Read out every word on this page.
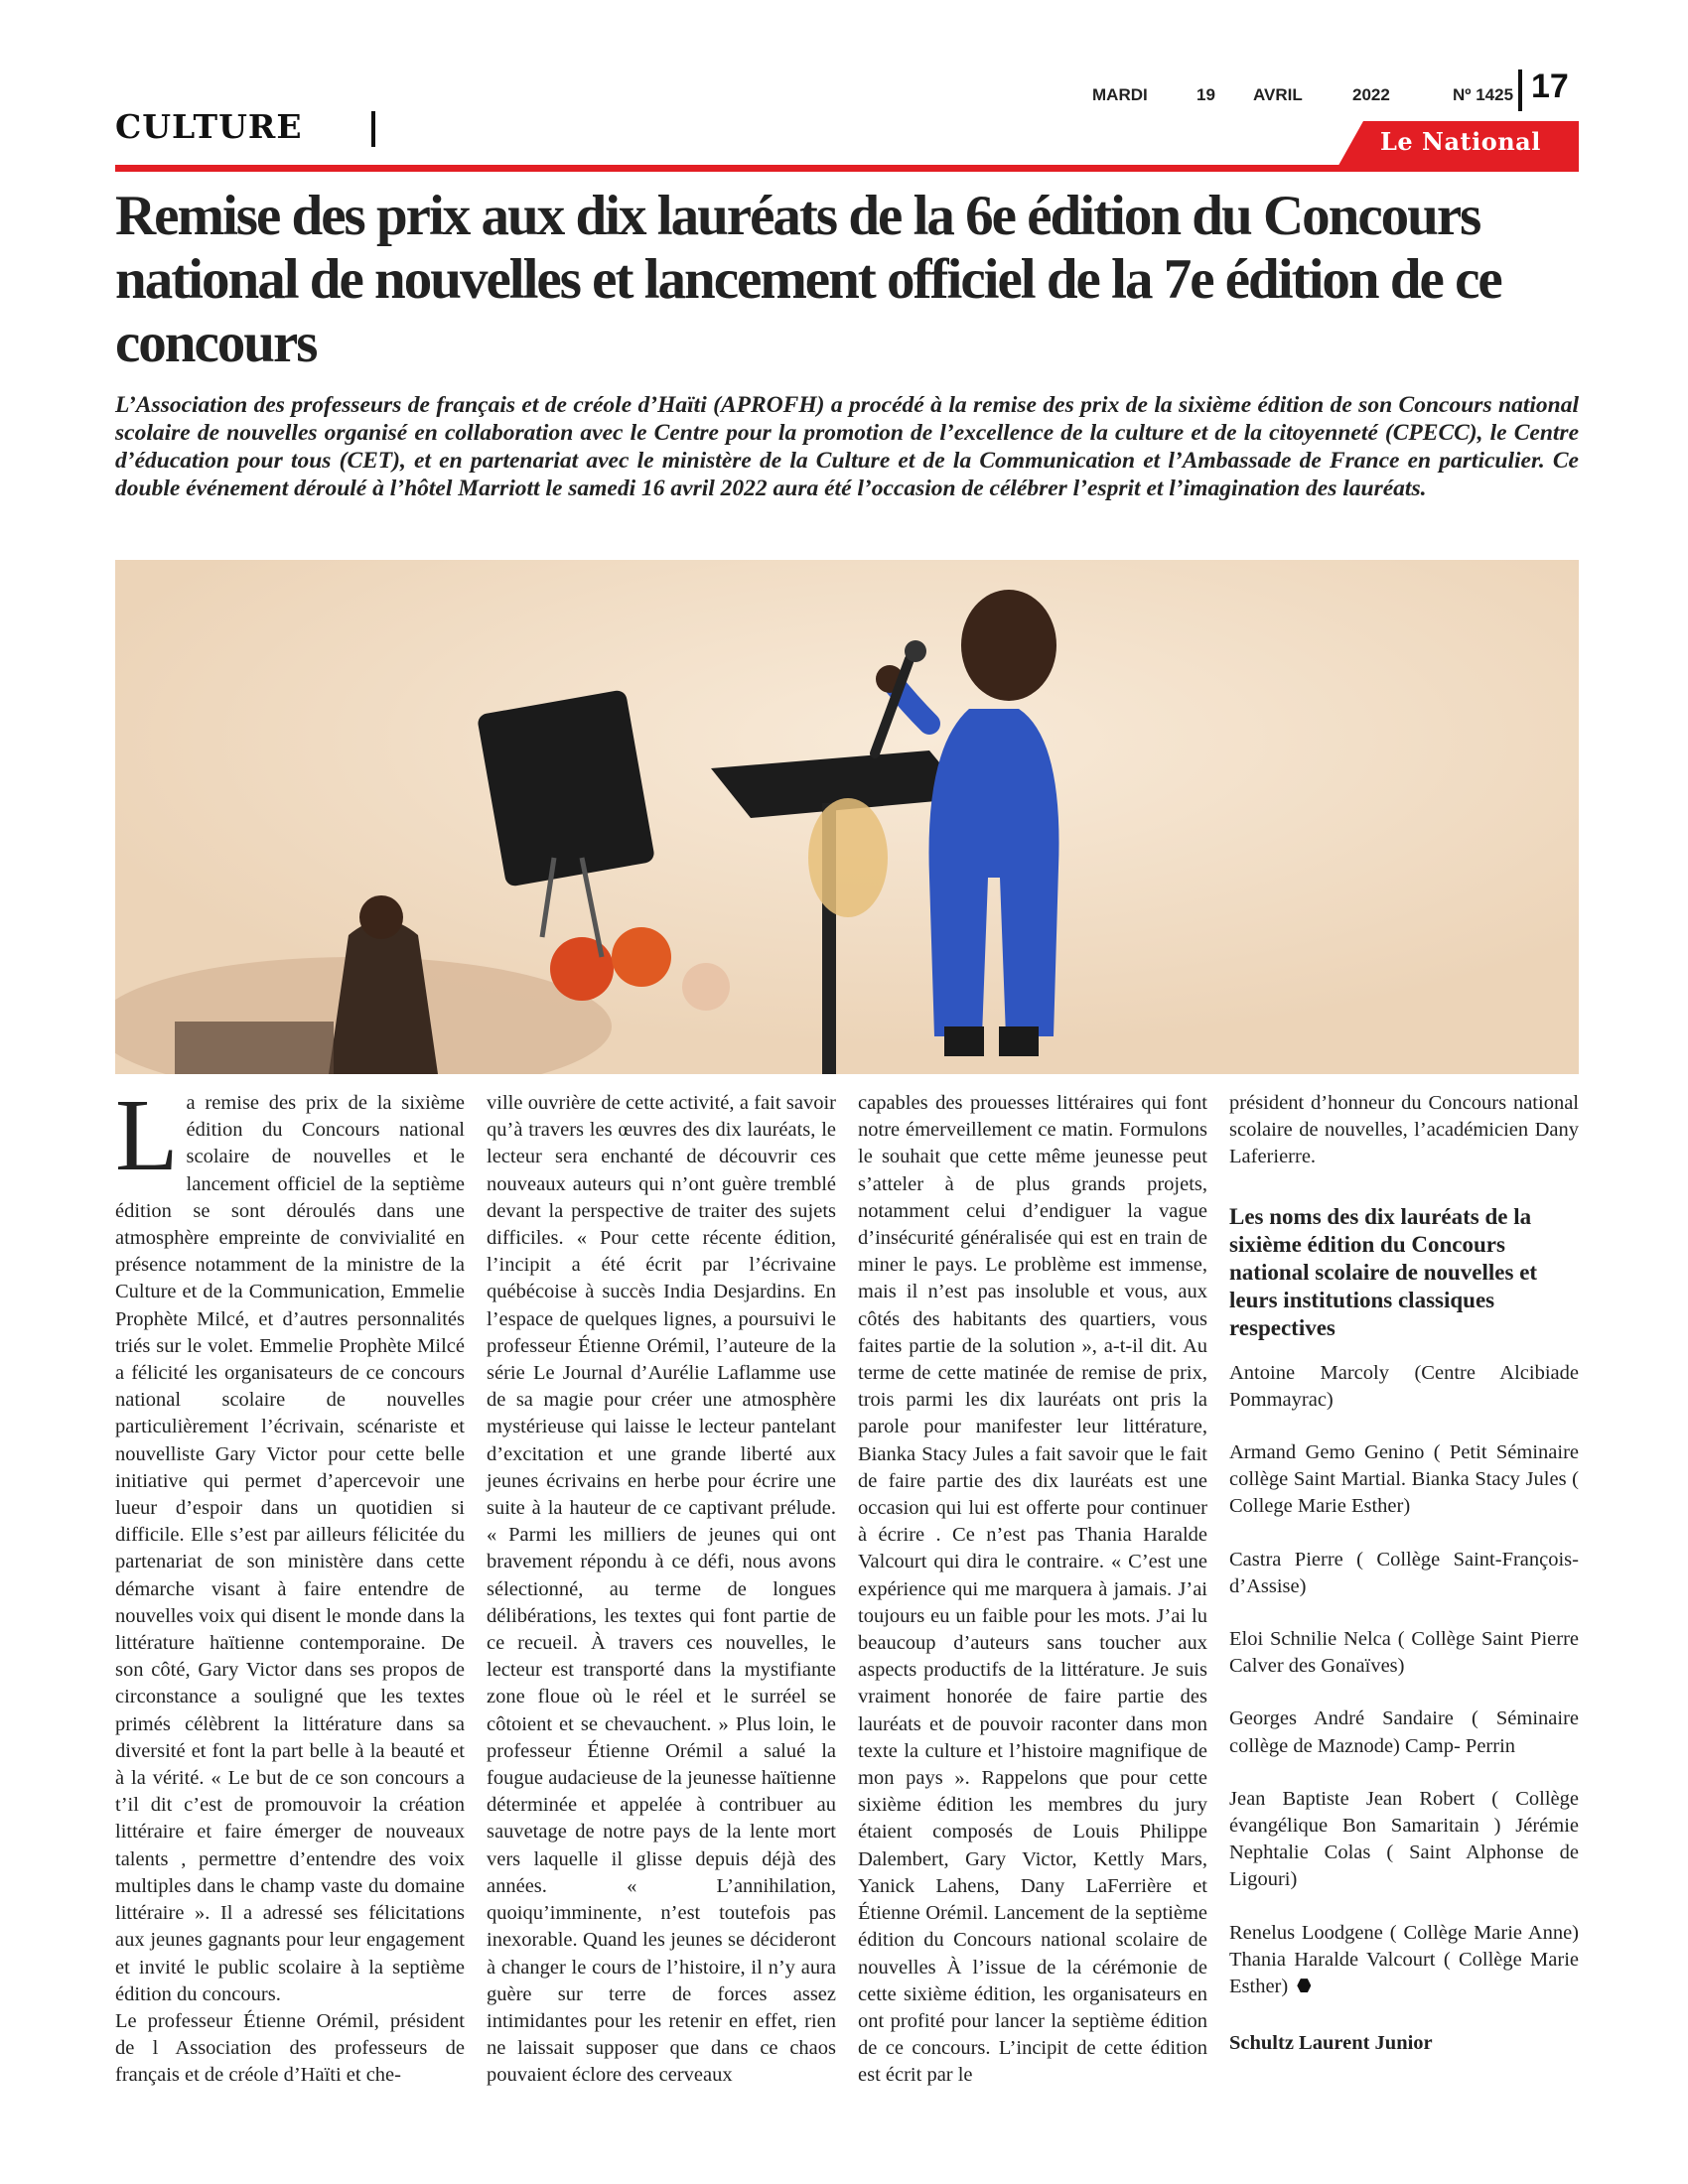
CULTURE
MARDI	19 AVRIL	2022	Nº 1425 17
Le National
Remise des prix aux dix lauréats de la 6e édition du Concours national de nouvelles et lancement officiel de la 7e édition de ce concours

L’Association des professeurs de français et de créole d’Haïti (APROFH) a procédé à la remise des prix de la sixième édition de son Concours national scolaire de nouvelles organisé en collaboration avec le Centre pour la promotion de l’excellence de la culture et de la citoyenneté (CPECC), le Centre d’éducation pour tous (CET), et en partenariat avec le ministère de la Culture et de la Communication et l’Ambassade de France en particulier. Ce double événement déroulé à l’hôtel Marriott le samedi 16 avril 2022 aura été l’occasion de célébrer l’esprit et l’imagination des lauréats.

La remise des prix de la sixième édition du Concours national scolaire de nouvelles et le lancement officiel de la septième édition se sont déroulés dans une atmosphère empreinte de convivialité en présence notamment de la ministre de la Culture et de la Communication, Emmelie Prophète Milcé, et d’autres personnalités triés sur le volet. Emmelie Prophète Milcé a félicité les organisateurs de ce concours national scolaire de nouvelles particulièrement l’écrivain, scénariste et nouvelliste Gary Victor pour cette belle initiative qui permet d’apercevoir une lueur d’espoir dans un quotidien si difficile. Elle s’est par ailleurs félicitée du partenariat de son ministère dans cette démarche visant à faire entendre de nouvelles voix qui disent le monde dans la littérature haïtienne contemporaine. De son côté, Gary Victor dans ses propos de circonstance a souligné que les textes primés célèbrent la littérature dans sa diversité et font la part belle à la beauté et à la vérité. « Le but de ce son concours a t’il dit c’est de promouvoir la création littéraire et faire émerger de nouveaux talents , permettre d’entendre des voix multiples dans le champ vaste du domaine littéraire ». Il a adressé ses félicitations aux jeunes gagnants pour leur engagement et invité le public scolaire à la septième édition du concours.

Le professeur Étienne Orémil, président de l Association des professeurs de français et de créole d’Haïti et che-

ville ouvrière de cette activité, a fait savoir qu’à travers les œuvres des dix lauréats, le lecteur sera enchanté de découvrir ces nouveaux auteurs qui n’ont guère tremblé devant la perspective de traiter des sujets difficiles. « Pour cette récente édition, l’incipit a été écrit par l’écrivaine québécoise à succès India Desjardins. En l’espace de quelques lignes, a poursuivi le professeur Étienne Orémil, l’auteure de la série Le Journal d’Aurélie Laflamme use de sa magie pour créer une atmosphère mystérieuse qui laisse le lecteur pantelant d’excitation et une grande liberté aux jeunes écrivains en herbe pour écrire une suite à la hauteur de ce captivant prélude. « Parmi les milliers de jeunes qui ont bravement répondu à ce défi, nous avons sélectionné, au terme de longues délibérations, les textes qui font partie de ce recueil. À travers ces nouvelles, le lecteur est transporté dans la mystifiante zone floue où le réel et le surréel se côtoient et se chevauchent. » Plus loin, le professeur Étienne Orémil a salué la fougue audacieuse de la jeunesse haïtienne déterminée et appelée à contribuer au sauvetage de notre pays de la lente mort vers laquelle il glisse depuis déjà des années. « L’annihilation, quoiqu’imminente, n’est toutefois pas inexorable. Quand les jeunes se décideront à changer le cours de l’histoire, il n’y aura guère sur terre de forces assez intimidantes pour les retenir en effet, rien ne laissait supposer que dans ce chaos pouvaient éclore des cerveaux

capables des prouesses littéraires qui font notre émerveillement ce matin. Formulons le souhait que cette même jeunesse peut s’atteler à de plus grands projets, notamment celui d’endiguer la vague d’insécurité généralisée qui est en train de miner le pays. Le problème est immense, mais il n’est pas insoluble et vous, aux côtés des habitants des quartiers, vous faites partie de la solution », a-t-il dit. Au terme de cette matinée de remise de prix, trois parmi les dix lauréats ont pris la parole pour manifester leur littérature, Bianka Stacy Jules a fait savoir que le fait de faire partie des dix lauréats est une occasion qui lui est offerte pour continuer à écrire . Ce n’est pas Thania Haralde Valcourt qui dira le contraire. « C’est une expérience qui me marquera à jamais. J’ai toujours eu un faible pour les mots. J’ai lu beaucoup d’auteurs sans toucher aux aspects productifs de la littérature. Je suis vraiment honorée de faire partie des lauréats et de pouvoir raconter dans mon texte la culture et l’histoire magnifique de mon pays ». Rappelons que pour cette sixième édition les membres du jury étaient composés de Louis Philippe Dalembert, Gary Victor, Kettly Mars, Yanick Lahens, Dany LaFerrière et Étienne Orémil. Lancement de la septième édition du Concours national scolaire de nouvelles À l’issue de la cérémonie de cette sixième édition, les organisateurs en ont profité pour lancer la septième édition de ce concours. L’incipit de cette édition est écrit par le

président d’honneur du Concours national scolaire de nouvelles, l’académicien Dany Laferierre.

Les noms des dix lauréats de la sixième édition du Concours national scolaire de nouvelles et leurs institutions classiques respectives

Antoine Marcoly (Centre Alcibiade Pommayrac)

Armand Gemo Genino ( Petit Séminaire collège Saint Martial. Bianka Stacy Jules ( College Marie Esther)

Castra Pierre ( Collège Saint-François-d’Assise)

Eloi Schnilie Nelca ( Collège Saint Pierre Calver des Gonaïves)

Georges André Sandaire ( Séminaire collège de Maznode) Camp- Perrin

Jean Baptiste Jean Robert ( Collège évangélique Bon Samaritain ) Jérémie Nephtalie Colas ( Saint Alphonse de Ligouri)

Renelus Loodgene ( Collège Marie Anne) Thania Haralde Valcourt ( Collège Marie Esther)

Schultz Laurent Junior
